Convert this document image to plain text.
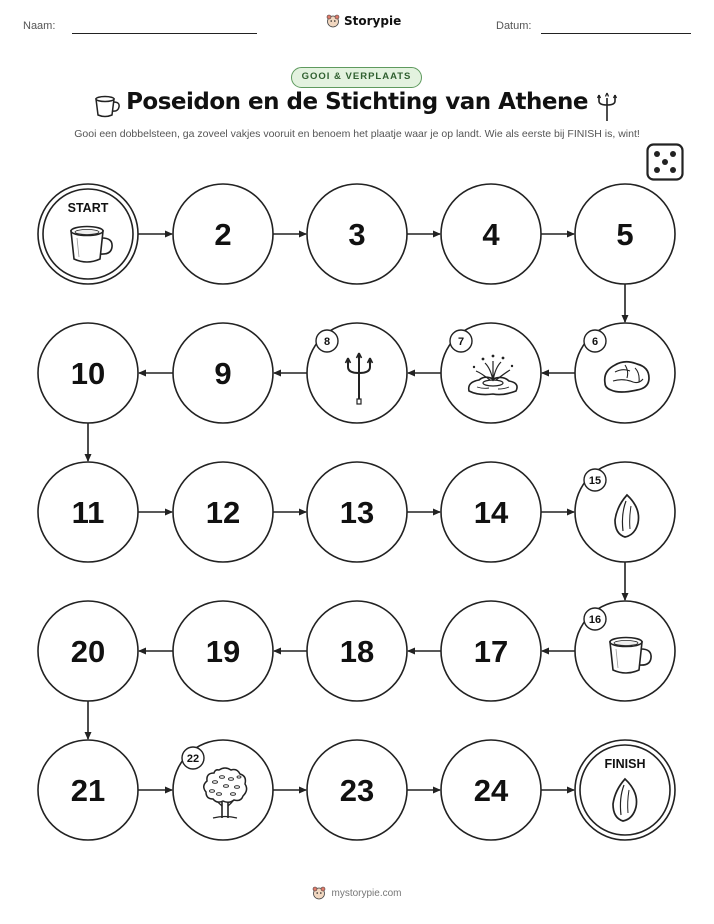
Naam:	Storypie	Datum:
GOOI & VERPLAATS
Poseidon en de Stichting van Athene
Gooi een dobbelsteen, ga zoveel vakjes vooruit en benoem het plaatje waar je op landt. Wie als eerste bij FINISH is, wint!
START
2	3	4	5
6
7
8
9
10
11	12	13	14
15
16
17
18
19
20
21
22
23	24
FINISH
mystorypie.com
